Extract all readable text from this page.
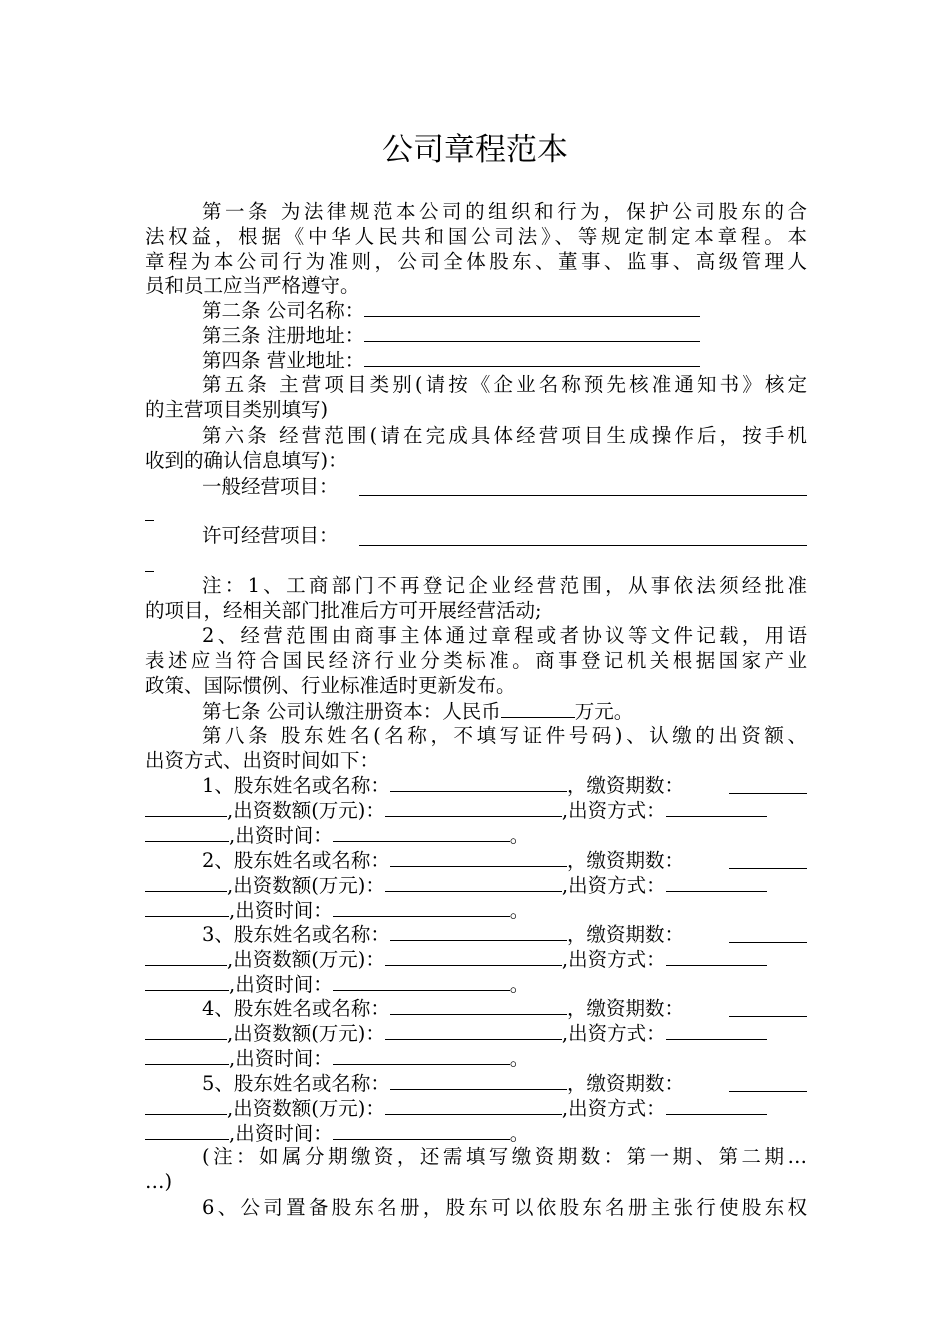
公司章程范本
第一条 为法律规范本公司的组织和行为，保护公司股东的合
法权益，根据《中华人民共和国公司法》、等规定制定本章程。本
章程为本公司行为准则，公司全体股东、董事、监事、高级管理人
员和员工应当严格遵守。
第二条 公司名称：
第三条 注册地址：
第四条 营业地址：
第五条 主营项目类别(请按《企业名称预先核准通知书》核定
的主营项目类别填写)
第六条 经营范围(请在完成具体经营项目生成操作后，按手机
收到的确认信息填写)：
一般经营项目：
许可经营项目：
注：1、工商部门不再登记企业经营范围，从事依法须经批准
的项目，经相关部门批准后方可开展经营活动;
2、经营范围由商事主体通过章程或者协议等文件记载，用语
表述应当符合国民经济行业分类标准。商事登记机关根据国家产业
政策、国际惯例、行业标准适时更新发布。
第七条 公司认缴注册资本：人民币	万元。
第八条 股东姓名(名称，不填写证件号码)、认缴的出资额、
出资方式、出资时间如下：
1、股东姓名或名称：	，缴资期数：
,出资数额(万元)：	,出资方式：
,出资时间：	。
2、股东姓名或名称：	，缴资期数：
,出资数额(万元)：	,出资方式：
,出资时间：	。
3、股东姓名或名称：	，缴资期数：
,出资数额(万元)：	,出资方式：
,出资时间：	。
4、股东姓名或名称：	，缴资期数：
,出资数额(万元)：	,出资方式：
,出资时间：	。
5、股东姓名或名称：	，缴资期数：
,出资数额(万元)：	,出资方式：
,出资时间：	。
(注：如属分期缴资，还需填写缴资期数：第一期、第二期…
…)
6、公司置备股东名册，股东可以依股东名册主张行使股东权
